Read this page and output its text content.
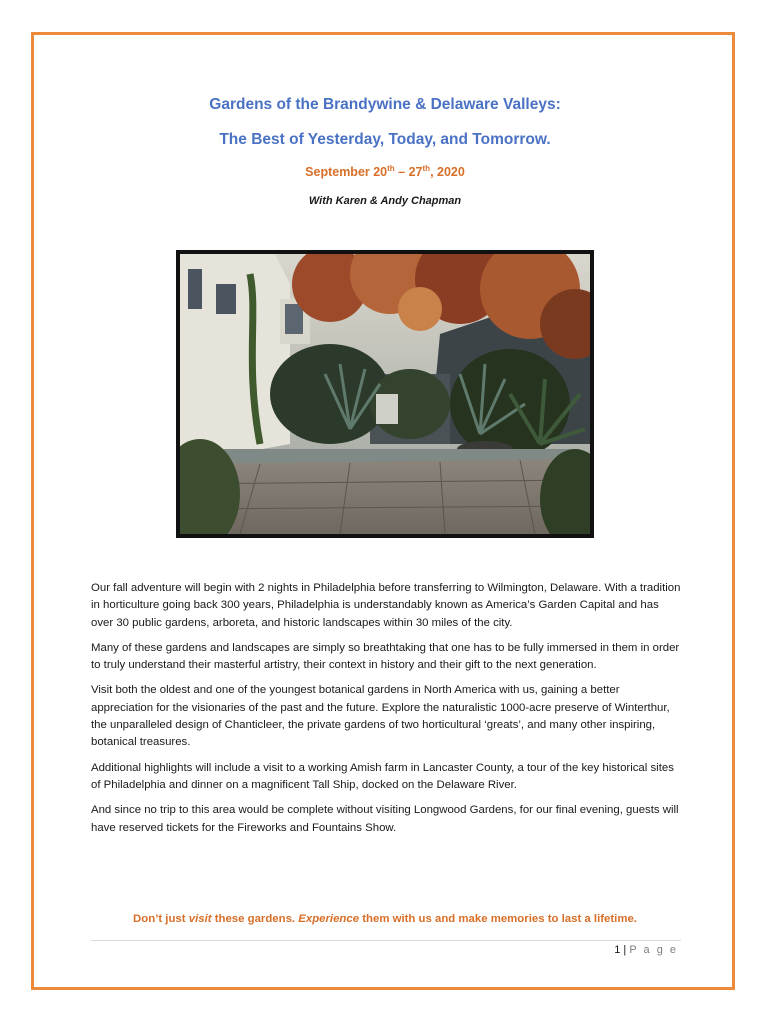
Gardens of the Brandywine & Delaware Valleys:
The Best of Yesterday, Today, and Tomorrow.
September 20th – 27th, 2020
With Karen & Andy Chapman

Our fall adventure will begin with 2 nights in Philadelphia before transferring to Wilmington, Delaware. With a tradition in horticulture going back 300 years, Philadelphia is understandably known as America’s Garden Capital and has over 30 public gardens, arboreta, and historic landscapes within 30 miles of the city.

Many of these gardens and landscapes are simply so breathtaking that one has to be fully immersed in them in order to truly understand their masterful artistry, their context in history and their gift to the next generation.

Visit both the oldest and one of the youngest botanical gardens in North America with us, gaining a better appreciation for the visionaries of the past and the future. Explore the naturalistic 1000-acre preserve of Winterthur, the unparalleled design of Chanticleer, the private gardens of two horticultural ‘greats’, and many other inspiring, botanical treasures.

Additional highlights will include a visit to a working Amish farm in Lancaster County, a tour of the key historical sites of Philadelphia and dinner on a magnificent Tall Ship, docked on the Delaware River.

And since no trip to this area would be complete without visiting Longwood Gardens, for our final evening, guests will have reserved tickets for the Fireworks and Fountains Show.

Don’t just visit these gardens. Experience them with us and make memories to last a lifetime.
1 | P a g e
